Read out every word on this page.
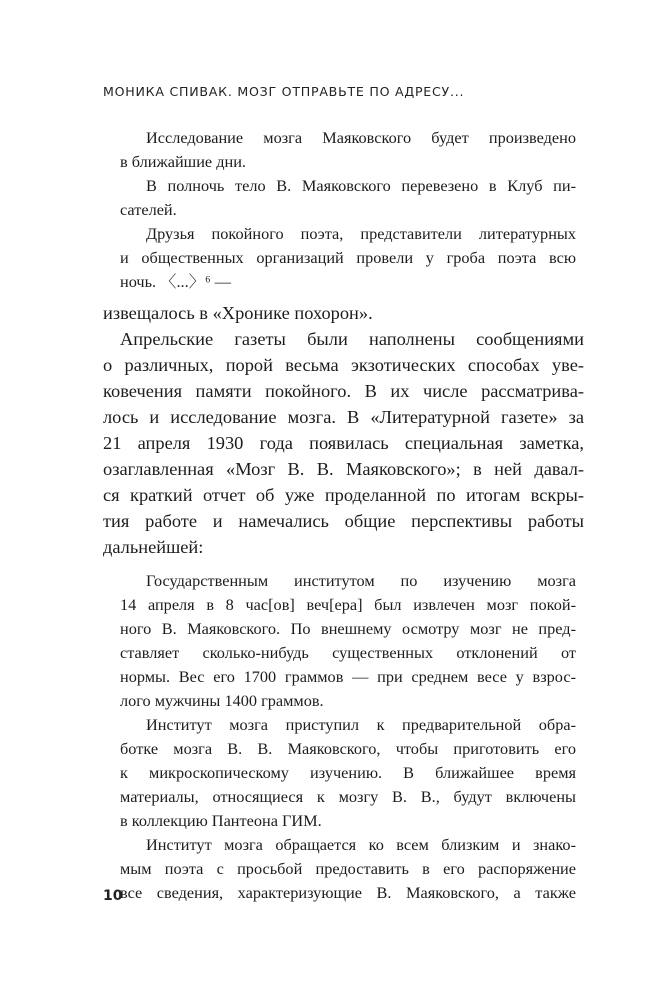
МОНИКА СПИВАК. МОЗГ ОТПРАВЬТЕ ПО АДРЕСУ...
Исследование мозга Маяковского будет произведено
в ближайшие дни.
В полночь тело В. Маяковского перевезено в Клуб пи-
сателей.
Друзья покойного поэта, представители литературных
и общественных организаций провели у гроба поэта всю
ночь. 〈...〉⁶ —
извещалось в «Хронике похорон».
Апрельские газеты были наполнены сообщениями
о различных, порой весьма экзотических способах уве-
ковечения памяти покойного. В их числе рассматрива-
лось и исследование мозга. В «Литературной газете» за
21 апреля 1930 года появилась специальная заметка,
озаглавленная «Мозг В. В. Маяковского»; в ней давал-
ся краткий отчет об уже проделанной по итогам вскры-
тия работе и намечались общие перспективы работы
дальнейшей:
Государственным институтом по изучению мозга
14 апреля в 8 час[ов] веч[ера] был извлечен мозг покой-
ного В. Маяковского. По внешнему осмотру мозг не пред-
ставляет сколько-нибудь существенных отклонений от
нормы. Вес его 1700 граммов — при среднем весе у взрос-
лого мужчины 1400 граммов.
Институт мозга приступил к предварительной обра-
ботке мозга В. В. Маяковского, чтобы приготовить его
к микроскопическому изучению. В ближайшее время
материалы, относящиеся к мозгу В. В., будут включены
в коллекцию Пантеона ГИМ.
Институт мозга обращается ко всем близким и знако-
мым поэта с просьбой предоставить в его распоряжение
все сведения, характеризующие В. Маяковского, а также
10
